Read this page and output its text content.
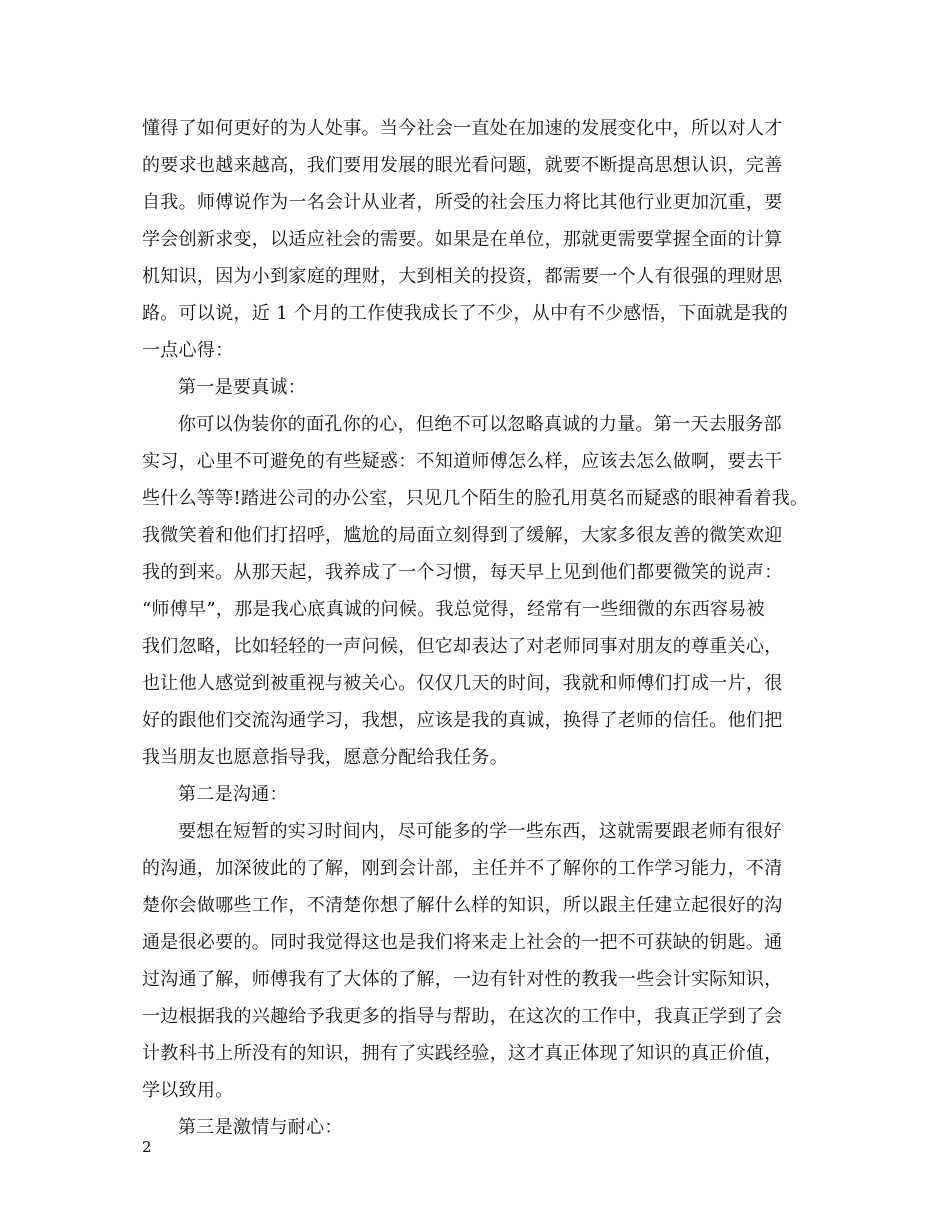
懂得了如何更好的为人处事。当今社会一直处在加速的发展变化中，所以对人才
的要求也越来越高，我们要用发展的眼光看问题，就要不断提高思想认识，完善
自我。师傅说作为一名会计从业者，所受的社会压力将比其他行业更加沉重，要
学会创新求变，以适应社会的需要。如果是在单位，那就更需要掌握全面的计算
机知识，因为小到家庭的理财，大到相关的投资，都需要一个人有很强的理财思
路。可以说，近 1 个月的工作使我成长了不少，从中有不少感悟，下面就是我的
一点心得：
第一是要真诚：
你可以伪装你的面孔你的心，但绝不可以忽略真诚的力量。第一天去服务部
实习，心里不可避免的有些疑惑：不知道师傅怎么样，应该去怎么做啊，要去干
些什么等等!踏进公司的办公室，只见几个陌生的脸孔用莫名而疑惑的眼神看着我。
我微笑着和他们打招呼，尴尬的局面立刻得到了缓解，大家多很友善的微笑欢迎
我的到来。从那天起，我养成了一个习惯，每天早上见到他们都要微笑的说声：
“师傅早”，那是我心底真诚的问候。我总觉得，经常有一些细微的东西容易被
我们忽略，比如轻轻的一声问候，但它却表达了对老师同事对朋友的尊重关心，
也让他人感觉到被重视与被关心。仅仅几天的时间，我就和师傅们打成一片，很
好的跟他们交流沟通学习，我想，应该是我的真诚，换得了老师的信任。他们把
我当朋友也愿意指导我，愿意分配给我任务。
第二是沟通：
要想在短暂的实习时间内，尽可能多的学一些东西，这就需要跟老师有很好
的沟通，加深彼此的了解，刚到会计部，主任并不了解你的工作学习能力，不清
楚你会做哪些工作，不清楚你想了解什么样的知识，所以跟主任建立起很好的沟
通是很必要的。同时我觉得这也是我们将来走上社会的一把不可获缺的钥匙。通
过沟通了解，师傅我有了大体的了解，一边有针对性的教我一些会计实际知识，
一边根据我的兴趣给予我更多的指导与帮助，在这次的工作中，我真正学到了会
计教科书上所没有的知识，拥有了实践经验，这才真正体现了知识的真正价值，
学以致用。
第三是激情与耐心：
2
